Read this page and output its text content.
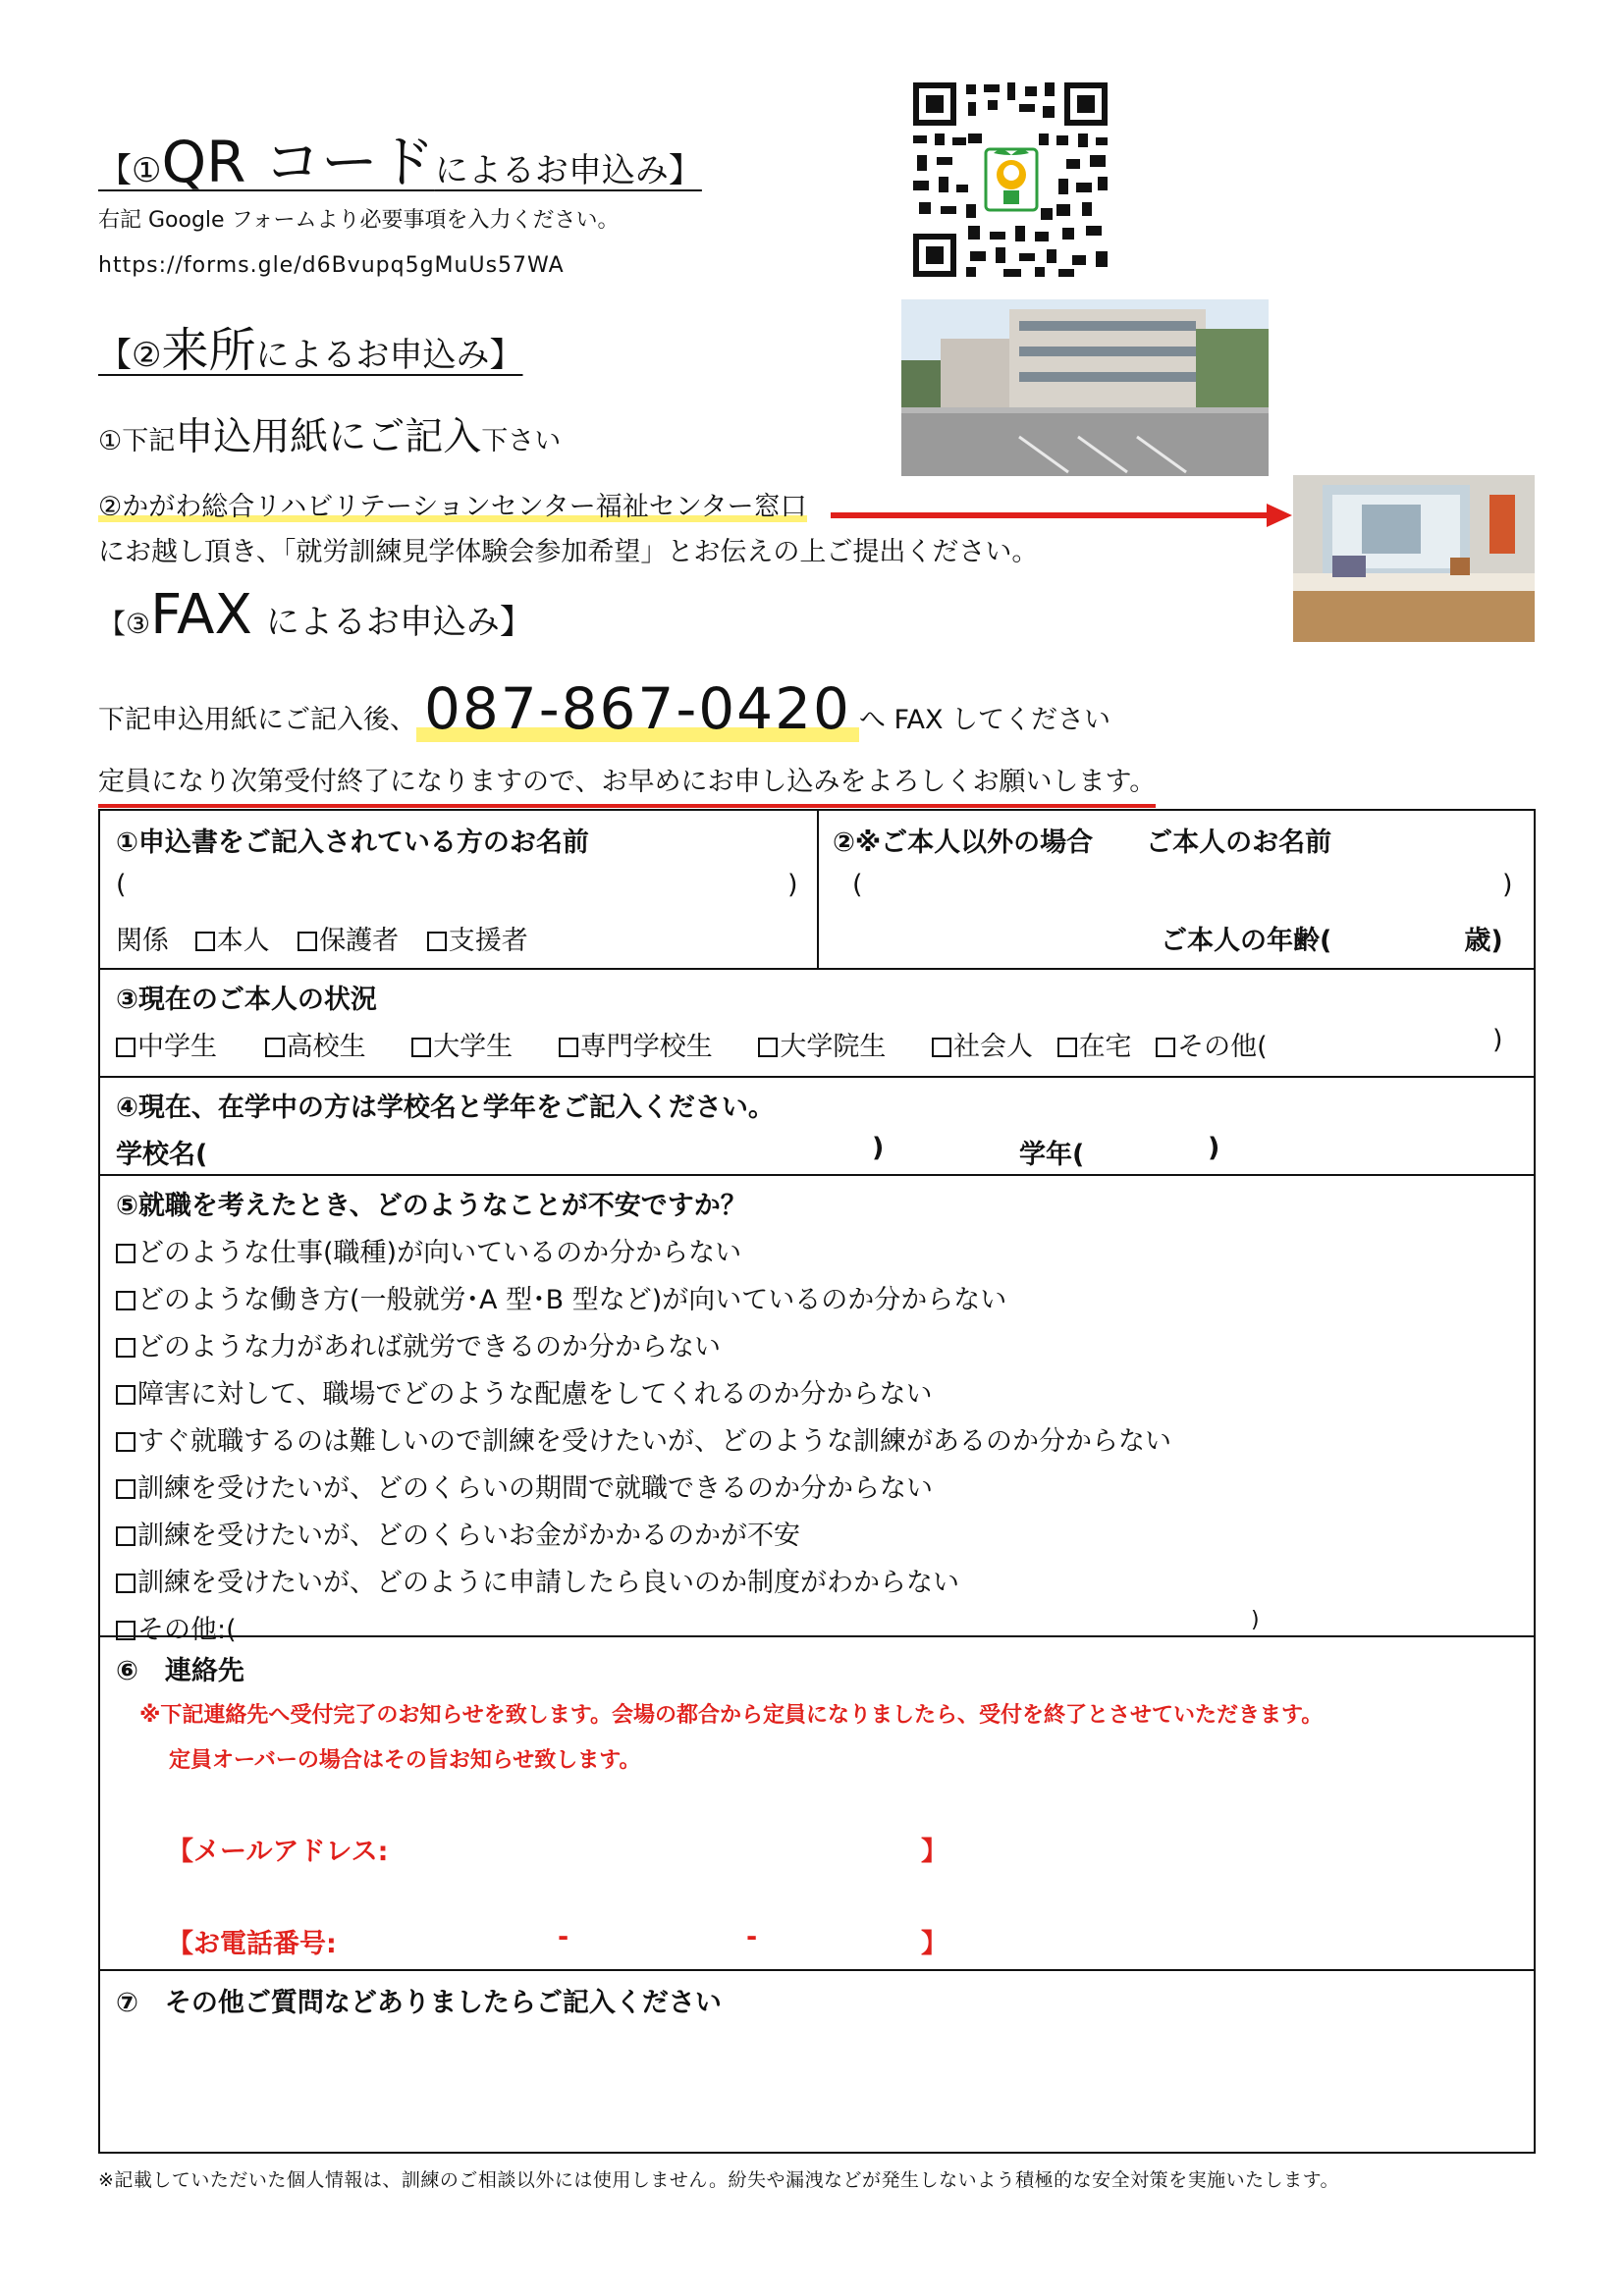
【①QR コードによるお申込み】
右記 Google フォームより必要事項を入力ください。
https://forms.gle/d6Bvupq5gMuUs57WA
【②来所によるお申込み】
①下記申込用紙にご記入下さい
②かがわ総合リハビリテーションセンター福祉センター窓口
にお越し頂き、「就労訓練見学体験会参加希望」とお伝えの上ご提出ください。
【③FAX によるお申込み】
下記申込用紙にご記入後、 087-867-0420 へ FAX してください
定員になり次第受付終了になりますので、お早めにお申し込みをよろしくお願いします。
①申込書をご記入されている方のお名前
(	)
関係 本人 保護者 支援者
②※ご本人以外の場合　　ご本人のお名前
(	)
ご本人の年齢(　　　　　歳)
③現在のご本人の状況
中学生	高校生	大学生	専門学校生	大学院生	社会人 在宅 その他(	)
④現在、在学中の方は学校名と学年をご記入ください。
学校名(	)	学年(	)
⑤就職を考えたとき、どのようなことが不安ですか？
どのような仕事(職種)が向いているのか分からない
どのような働き方(一般就労･A 型･B 型など)が向いているのか分からない
どのような力があれば就労できるのか分からない
障害に対して、職場でどのような配慮をしてくれるのか分からない
すぐ就職するのは難しいので訓練を受けたいが、どのような訓練があるのか分からない
訓練を受けたいが、どのくらいの期間で就職できるのか分からない
訓練を受けたいが、どのくらいお金がかかるのかが不安
訓練を受けたいが、どのように申請したら良いのか制度がわからない
その他:(	)
⑥　連絡先
※下記連絡先へ受付完了のお知らせを致します。会場の都合から定員になりましたら、受付を終了とさせていただきます。
定員オーバーの場合はその旨お知らせ致します。
【メールアドレス:	】
【お電話番号:	-	-	】
⑦　その他ご質問などありましたらご記入ください
※記載していただいた個人情報は、訓練のご相談以外には使用しません。紛失や漏洩などが発生しないよう積極的な安全対策を実施いたします。
